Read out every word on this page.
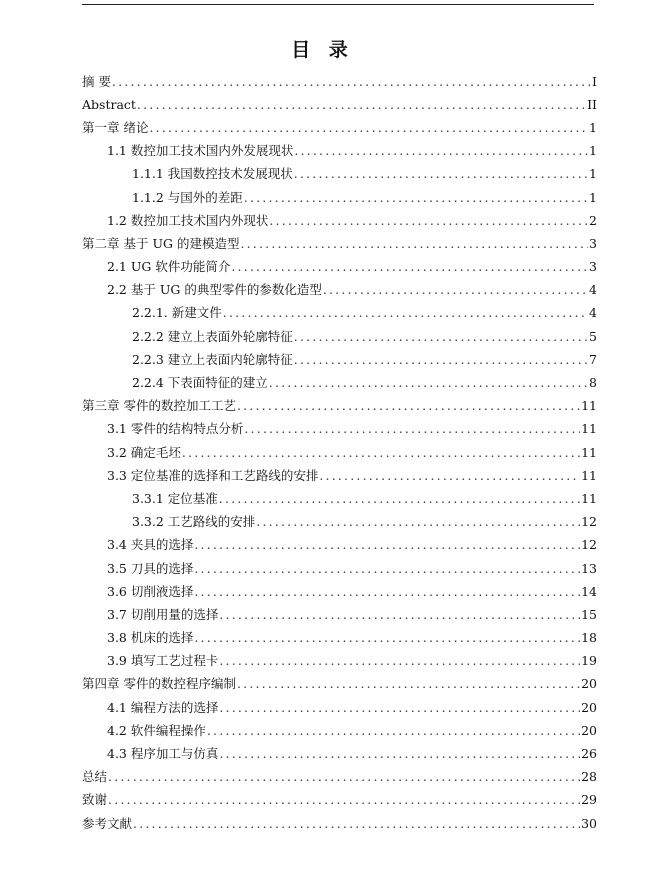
目 录
摘 要 .....	I
Abstract .....	II
第一章 绪论 .....	1
1.1 数控加工技术国内外发展现状 .....	1
1.1.1 我国数控技术发展现状 .....	1
1.1.2 与国外的差距 .....	1
1.2 数控加工技术国内外现状 .....	2
第二章 基于 UG 的建模造型 .....	3
2.1 UG 软件功能简介 .....	3
2.2 基于 UG 的典型零件的参数化造型 .....	4
2.2.1. 新建文件 .....	4
2.2.2 建立上表面外轮廓特征 .....	5
2.2.3 建立上表面内轮廓特征 .....	7
2.2.4 下表面特征的建立 .....	8
第三章 零件的数控加工工艺 .....	11
3.1 零件的结构特点分析 .....	11
3.2 确定毛坯 .....	11
3.3 定位基准的选择和工艺路线的安排 .....	11
3.3.1 定位基准 .....	11
3.3.2 工艺路线的安排 .....	12
3.4 夹具的选择 .....	12
3.5 刀具的选择 .....	13
3.6 切削液选择 .....	14
3.7 切削用量的选择 .....	15
3.8 机床的选择 .....	18
3.9 填写工艺过程卡 .....	19
第四章 零件的数控程序编制 .....	20
4.1 编程方法的选择 .....	20
4.2 软件编程操作 .....	20
4.3 程序加工与仿真 .....	26
总结 .....	28
致谢 .....	29
参考文献 .....	30
